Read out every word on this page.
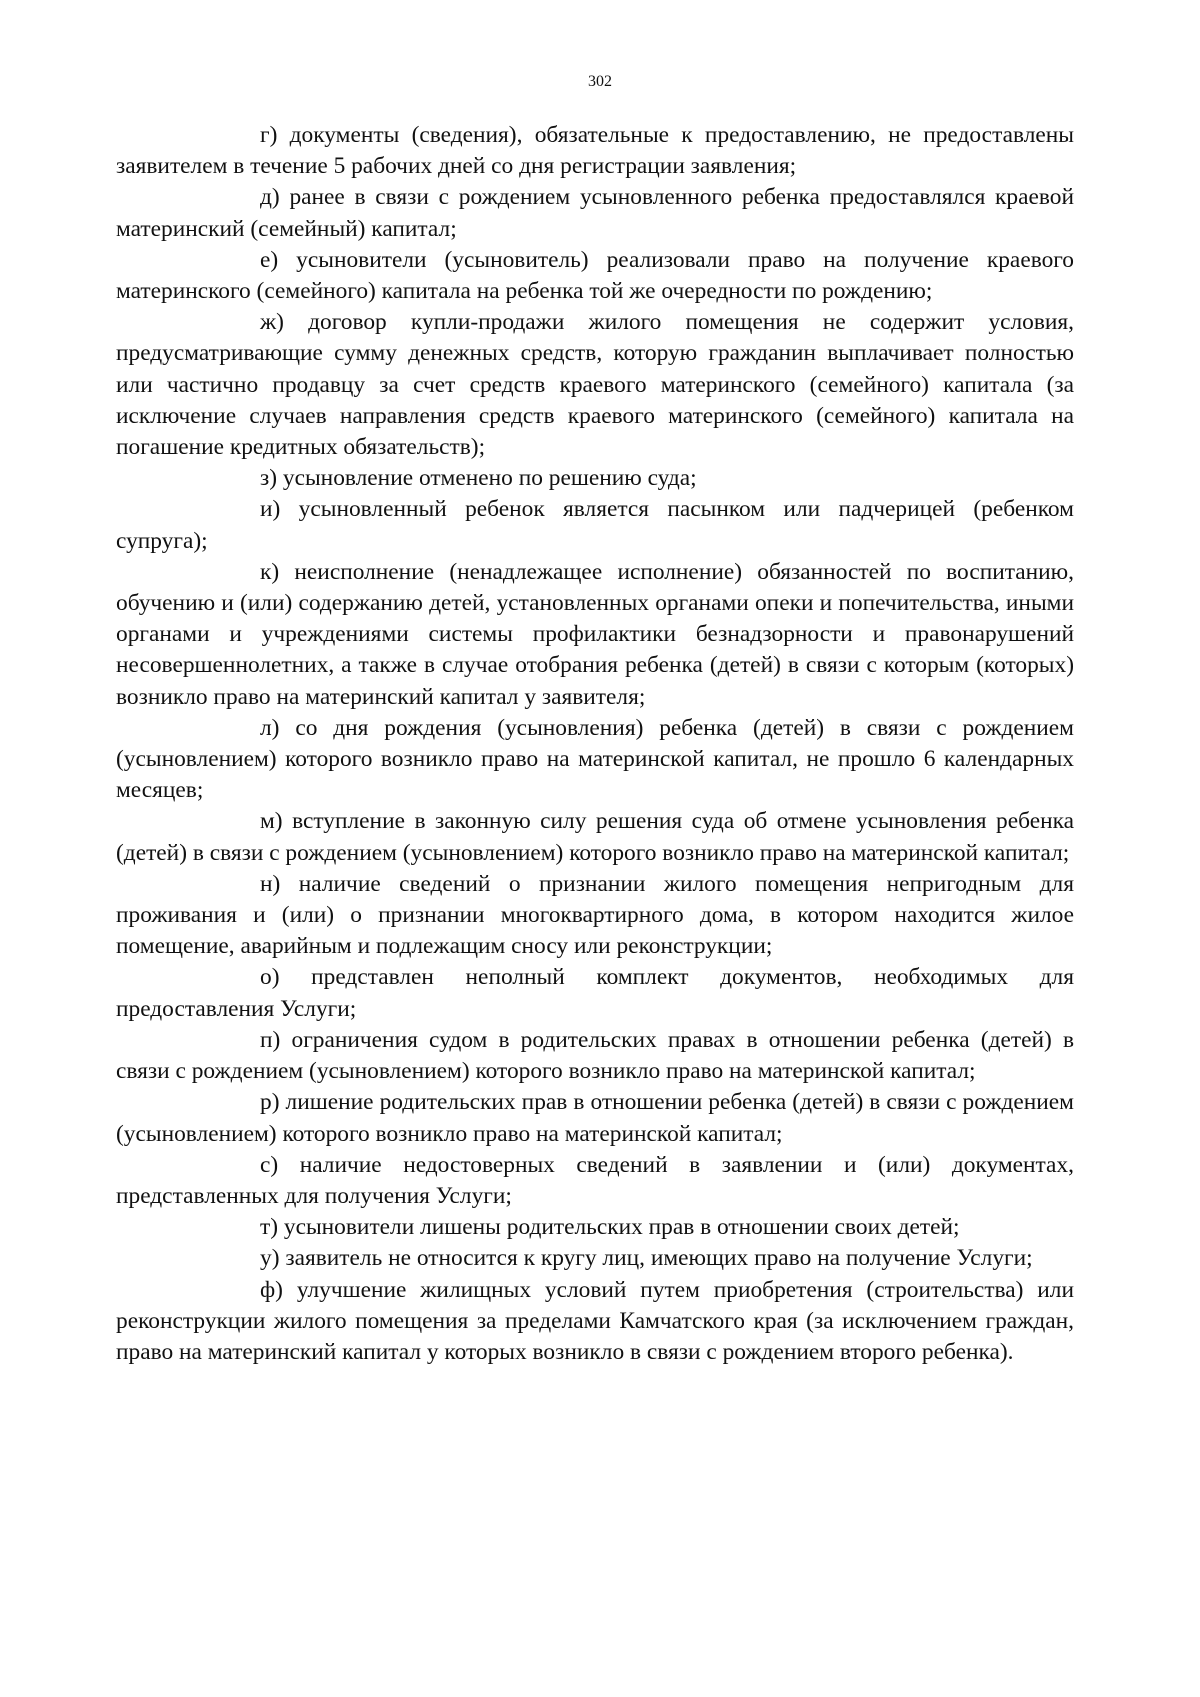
302

г) документы (сведения), обязательные к предоставлению, не предоставлены заявителем в течение 5 рабочих дней со дня регистрации заявления;

д) ранее в связи с рождением усыновленного ребенка предоставлялся краевой материнский (семейный) капитал;

е) усыновители (усыновитель) реализовали право на получение краевого материнского (семейного) капитала на ребенка той же очередности по рождению;

ж) договор купли-продажи жилого помещения не содержит условия, предусматривающие сумму денежных средств, которую гражданин выплачивает полностью или частично продавцу за счет средств краевого материнского (семейного) капитала (за исключение случаев направления средств краевого материнского (семейного) капитала на погашение кредитных обязательств);

з) усыновление отменено по решению суда;

и) усыновленный ребенок является пасынком или падчерицей (ребенком супруга);

к) неисполнение (ненадлежащее исполнение) обязанностей по воспитанию, обучению и (или) содержанию детей, установленных органами опеки и попечительства, иными органами и учреждениями системы профилактики безнадзорности и правонарушений несовершеннолетних, а также в случае отобрания ребенка (детей) в связи с которым (которых) возникло право на материнский капитал у заявителя;

л) со дня рождения (усыновления) ребенка (детей) в связи с рождением (усыновлением) которого возникло право на материнской капитал, не прошло 6 календарных месяцев;

м) вступление в законную силу решения суда об отмене усыновления ребенка (детей) в связи с рождением (усыновлением) которого возникло право на материнской капитал;

н) наличие сведений о признании жилого помещения непригодным для проживания и (или) о признании многоквартирного дома, в котором находится жилое помещение, аварийным и подлежащим сносу или реконструкции;

о) представлен неполный комплект документов, необходимых для предоставления Услуги;

п) ограничения судом в родительских правах в отношении ребенка (детей) в связи с рождением (усыновлением) которого возникло право на материнской капитал;

р) лишение родительских прав в отношении ребенка (детей) в связи с рождением (усыновлением) которого возникло право на материнской капитал;

с) наличие недостоверных сведений в заявлении и (или) документах, представленных для получения Услуги;

т) усыновители лишены родительских прав в отношении своих детей;

у) заявитель не относится к кругу лиц, имеющих право на получение Услуги;

ф) улучшение жилищных условий путем приобретения (строительства) или реконструкции жилого помещения за пределами Камчатского края (за исключением граждан, право на материнский капитал у которых возникло в связи с рождением второго ребенка).
